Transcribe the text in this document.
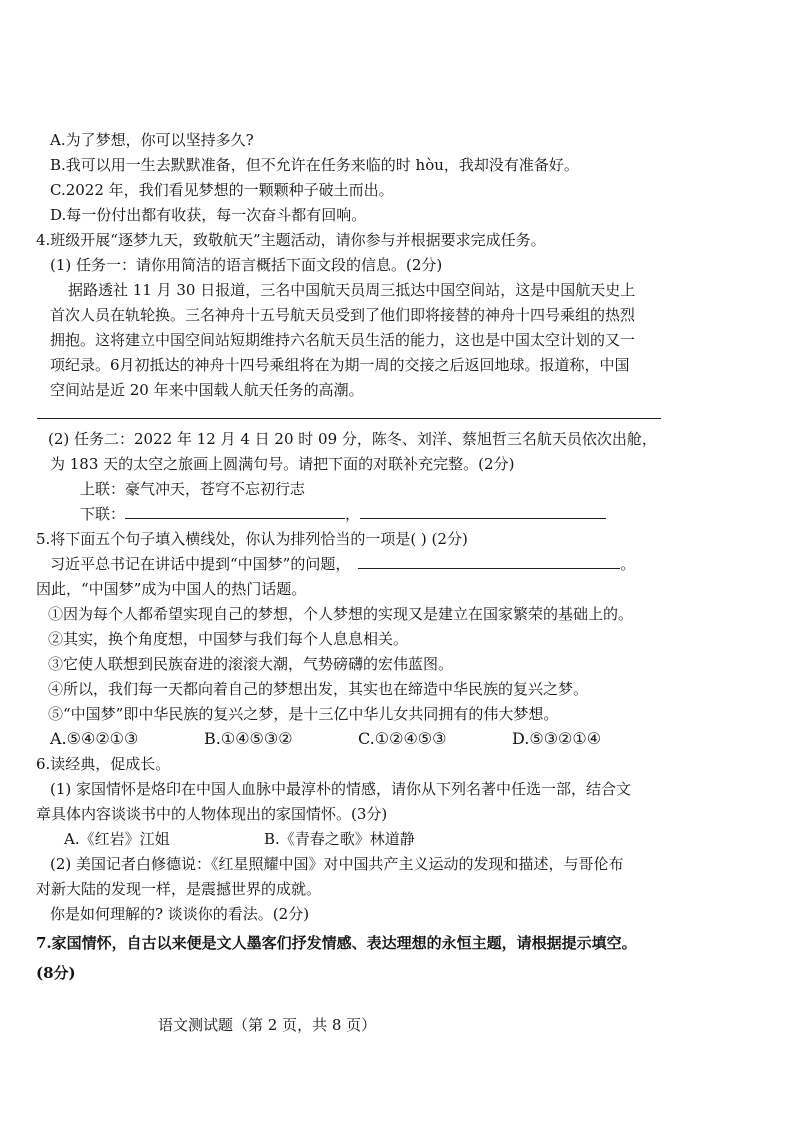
A.为了梦想，你可以坚持多久?
B.我可以用一生去默默准备，但不允许在任务来临的时 hòu，我却没有准备好。
C.2022 年，我们看见梦想的一颗颗种子破土而出。
D.每一份付出都有收获，每一次奋斗都有回响。
4.班级开展“逐梦九天，致敬航天”主题活动，请你参与并根据要求完成任务。
(1) 任务一：请你用简洁的语言概括下面文段的信息。(2分)
据路透社 11 月 30 日报道，三名中国航天员周三抵达中国空间站，这是中国航天史上
首次人员在轨轮换。三名神舟十五号航天员受到了他们即将接替的神舟十四号乘组的热烈
拥抱。这将建立中国空间站短期维持六名航天员生活的能力，这也是中国太空计划的又一
项纪录。6月初抵达的神舟十四号乘组将在为期一周的交接之后返回地球。报道称，中国
空间站是近 20 年来中国载人航天任务的高潮。
(2) 任务二：2022 年 12 月 4 日 20 时 09 分，陈冬、刘洋、蔡旭哲三名航天员依次出舱，
为 183 天的太空之旅画上圆满句号。请把下面的对联补充完整。(2分)
上联：豪气冲天，苍穹不忘初行志
下联：	，
5.将下面五个句子填入横线处，你认为排列恰当的一项是( ) (2分)
习近平总书记在讲话中提到“中国梦”的问题，	。
因此，“中国梦”成为中国人的热门话题。
①因为每个人都希望实现自己的梦想，个人梦想的实现又是建立在国家繁荣的基础上的。
②其实，换个角度想，中国梦与我们每个人息息相关。
③它使人联想到民族奋进的滚滚大潮，气势磅礴的宏伟蓝图。
④所以，我们每一天都向着自己的梦想出发，其实也在缔造中华民族的复兴之梦。
⑤“中国梦”即中华民族的复兴之梦，是十三亿中华儿女共同拥有的伟大梦想。
A.⑤④②①③	B.①④⑤③②	C.①②④⑤③	D.⑤③②①④
6.读经典，促成长。
(1) 家国情怀是烙印在中国人血脉中最淳朴的情感，请你从下列名著中任选一部，结合文
章具体内容谈谈书中的人物体现出的家国情怀。(3分)
A.《红岩》江姐	B.《青春之歌》林道静
(2) 美国记者白修德说：《红星照耀中国》对中国共产主义运动的发现和描述，与哥伦布
对新大陆的发现一样，是震撼世界的成就。
你是如何理解的? 谈谈你的看法。(2分)
7.家国情怀，自古以来便是文人墨客们抒发情感、表达理想的永恒主题，请根据提示填空。
(8分)
语文测试题（第 2 页，共 8 页）
